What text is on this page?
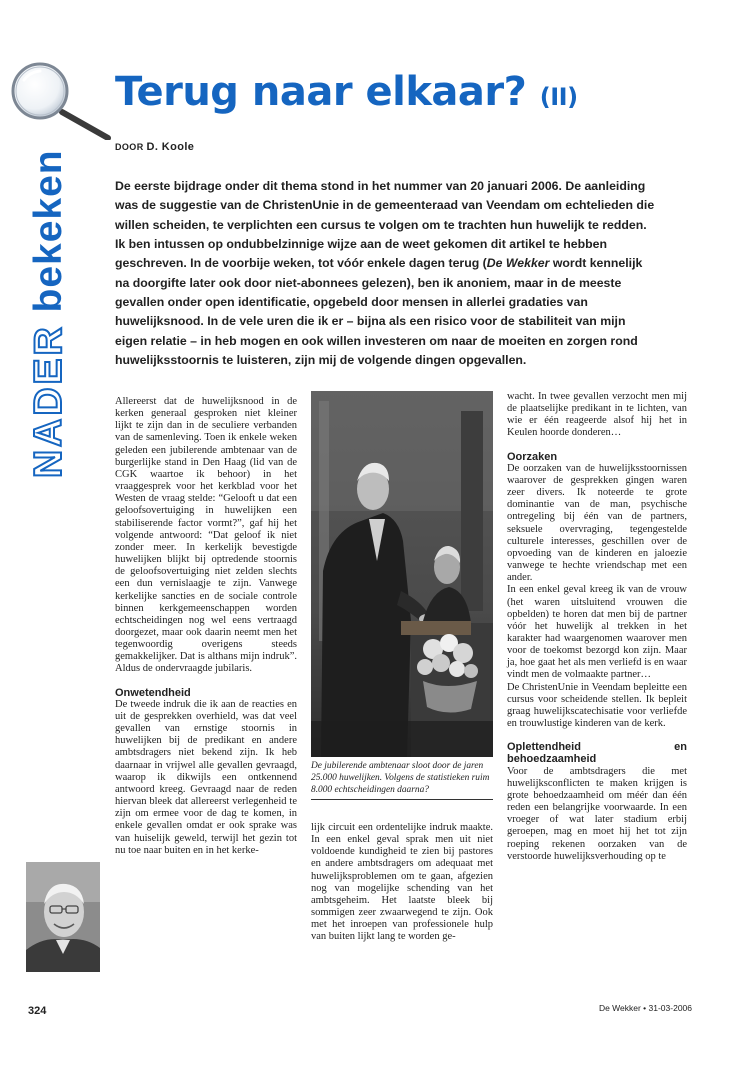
NADER bekeken
Terug naar elkaar? (II)
DOOR D. Koole

De eerste bijdrage onder dit thema stond in het nummer van 20 januari 2006. De aanleiding was de suggestie van de ChristenUnie in de gemeenteraad van Veendam om echtelieden die willen scheiden, te verplichten een cursus te volgen om te trachten hun huwelijk te redden. Ik ben intussen op ondubbelzinnige wijze aan de weet gekomen dit artikel te hebben geschreven. In de voorbije weken, tot vóór enkele dagen terug (De Wekker wordt kennelijk na doorgifte later ook door niet-abonnees gelezen), ben ik anoniem, maar in de meeste gevallen onder open identificatie, opgebeld door mensen in allerlei gradaties van huwelijksnood. In de vele uren die ik er – bijna als een risico voor de stabiliteit van mijn eigen relatie – in heb mogen en ook willen investeren om naar de moeiten en zorgen rond huwelijksstoornis te luisteren, zijn mij de volgende dingen opgevallen.

Allereerst dat de huwelijksnood in de kerken generaal gesproken niet kleiner lijkt te zijn dan in de seculiere verbanden van de samenleving. Toen ik enkele weken geleden een jubilerende ambtenaar van de burgerlijke stand in Den Haag (lid van de CGK waartoe ik behoor) in het vraaggesprek voor het kerkblad voor het Westen de vraag stelde: “Gelooft u dat een geloofsovertuiging in huwelijken een stabiliserende factor vormt?”, gaf hij het volgende antwoord: “Dat geloof ik niet zonder meer. In kerkelijk bevestigde huwelijken blijkt bij optredende stoornis de geloofsovertuiging niet zelden slechts een dun vernislaagje te zijn. Vanwege kerkelijke sancties en de sociale controle binnen kerkgemeenschappen worden echtscheidingen nog wel eens vertraagd doorgezet, maar ook daarin neemt men het tegenwoordig overigens steeds gemakkelijker. Dat is althans mijn indruk”. Aldus de ondervraagde jubilaris.

Onwetendheid

De tweede indruk die ik aan de reacties en uit de gesprekken overhield, was dat veel gevallen van ernstige stoornis in huwelijken bij de predikant en andere ambtsdragers niet bekend zijn. Ik heb daarnaar in vrijwel alle gevallen gevraagd, waarop ik dikwijls een ontkennend antwoord kreeg. Gevraagd naar de reden hiervan bleek dat allereerst verlegenheid te zijn om ermee voor de dag te komen, in enkele gevallen omdat er ook sprake was van huiselijk geweld, terwijl het gezin tot nu toe naar buiten en in het kerke-

De jubilerende ambtenaar sloot door de jaren 25.000 huwelijken. Volgens de statistieken ruim 8.000 echtscheidingen daarna?

lijk circuit een ordentelijke indruk maakte. In een enkel geval sprak men uit niet voldoende kundigheid te zien bij pastores en andere ambtsdragers om adequaat met huwelijksproblemen om te gaan, afgezien nog van mogelijke schending van het ambtsgeheim. Het laatste bleek bij sommigen zeer zwaarwegend te zijn. Ook met het inroepen van professionele hulp van buiten lijkt lang te worden ge-

wacht. In twee gevallen verzocht men mij de plaatselijke predikant in te lichten, van wie er één reageerde alsof hij het in Keulen hoorde donderen…

Oorzaken

De oorzaken van de huwelijksstoornissen waarover de gesprekken gingen waren zeer divers. Ik noteerde te grote dominantie van de man, psychische ontregeling bij één van de partners, seksuele overvraging, tegengestelde culturele interesses, geschillen over de opvoeding van de kinderen en jaloezie vanwege te hechte vriendschap met een ander.

In een enkel geval kreeg ik van de vrouw (het waren uitsluitend vrouwen die opbelden) te horen dat men bij de partner vóór het huwelijk al trekken in het karakter had waargenomen waarover men voor de toekomst bezorgd kon zijn. Maar ja, hoe gaat het als men verliefd is en waar vindt men de volmaakte partner…

De ChristenUnie in Veendam bepleitte een cursus voor scheidende stellen. Ik bepleit graag huwelijkscatechisatie voor verliefde en trouwlustige kinderen van de kerk.

Oplettendheid en behoedzaamheid

Voor de ambtsdragers die met huwelijksconflicten te maken krijgen is grote behoedzaamheid om méér dan één reden een belangrijke voorwaarde. In een vroeger of wat later stadium erbij geroepen, mag en moet hij het tot zijn roeping rekenen oorzaken van de verstoorde huwelijksverhouding op te

324	De Wekker • 31-03-2006
